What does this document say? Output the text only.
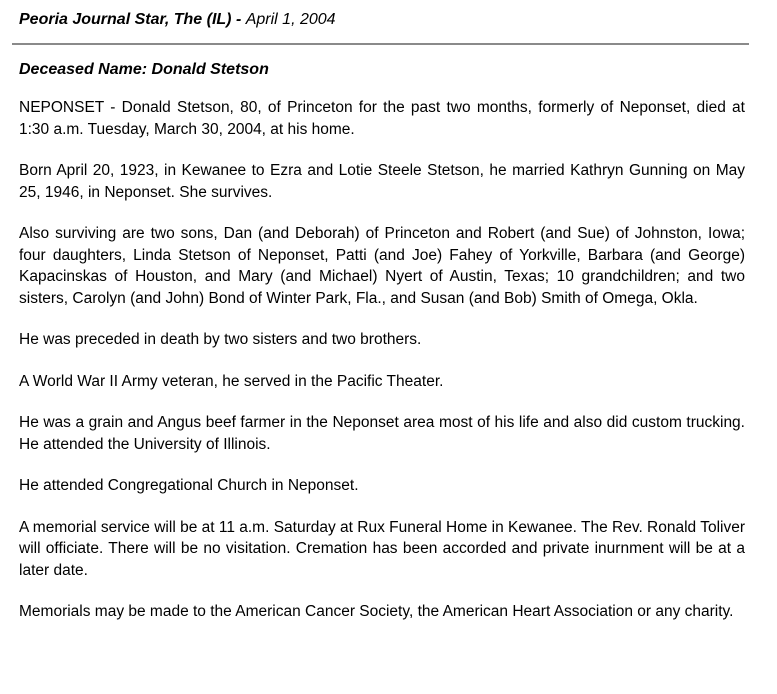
Peoria Journal Star, The (IL) - April 1, 2004
Deceased Name: Donald Stetson

NEPONSET - Donald Stetson, 80, of Princeton for the past two months, formerly of Neponset, died at 1:30 a.m. Tuesday, March 30, 2004, at his home.

Born April 20, 1923, in Kewanee to Ezra and Lotie Steele Stetson, he married Kathryn Gunning on May 25, 1946, in Neponset. She survives.

Also surviving are two sons, Dan (and Deborah) of Princeton and Robert (and Sue) of Johnston, Iowa; four daughters, Linda Stetson of Neponset, Patti (and Joe) Fahey of Yorkville, Barbara (and George) Kapacinskas of Houston, and Mary (and Michael) Nyert of Austin, Texas; 10 grandchildren; and two sisters, Carolyn (and John) Bond of Winter Park, Fla., and Susan (and Bob) Smith of Omega, Okla.

He was preceded in death by two sisters and two brothers.

A World War II Army veteran, he served in the Pacific Theater.

He was a grain and Angus beef farmer in the Neponset area most of his life and also did custom trucking. He attended the University of Illinois.

He attended Congregational Church in Neponset.

A memorial service will be at 11 a.m. Saturday at Rux Funeral Home in Kewanee. The Rev. Ronald Toliver will officiate. There will be no visitation. Cremation has been accorded and private inurnment will be at a later date.

Memorials may be made to the American Cancer Society, the American Heart Association or any charity.
